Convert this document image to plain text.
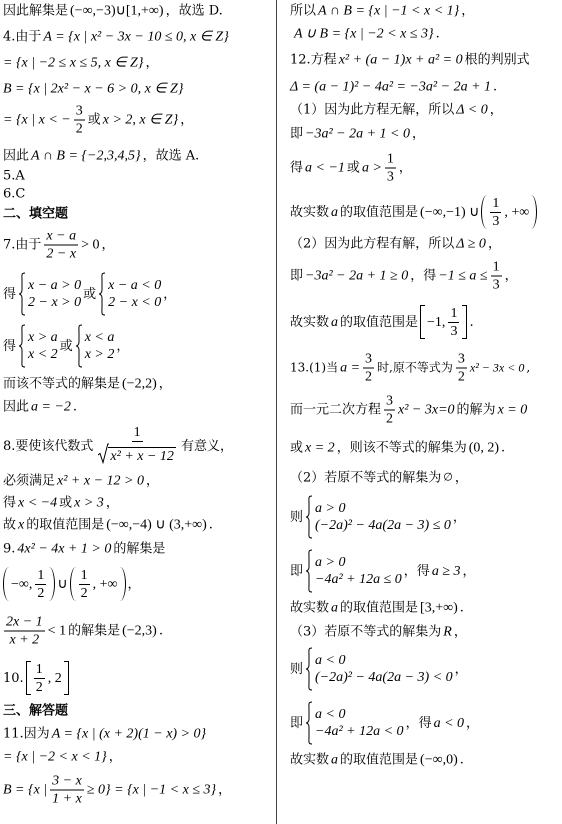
因此解集是 (−∞,−3)∪[1,+∞) ，故选 D.
4.由于 A = {x | x² − 3x − 10 ≤ 0, x ∈ Z}
= {x | −2 ≤ x ≤ 5, x ∈ Z} ，
B = {x | 2x² − x − 6 > 0, x ∈ Z}
= {x | x < − $\frac{3}{2}$ 或 x > 2, x ∈ Z} ，
因此 A ∩ B = {−2,3,4,5} ，故选 A.
5.A
6.C
二、填空题
7.由于 $\frac{x - a}{2 - x} > 0$ ，
得
x − a > 0
2 − x > 0
或
x − a < 0
2 − x < 0
，
得
x > a
x < 2
或
x < a
x > 2
，
而该不等式的解集是 (−2,2) ，
因此 a = −2 .
8.要使该代数式 $\frac{1}{\text{x² + x − 12}}$ 有意义，
必须满足 x² + x − 12 > 0 ，
得 x < −4 或 x > 3 ，
故 x 的取值范围是 (−∞,−4) ∪ (3,+∞) .
9. 4x² − 4x + 1 > 0 的解集是
−∞, $\frac{1}{2}$ ∪ $\frac{1}{2}$ , +∞ ，
$\frac{2x - 1}{x + 2} < 1$ 的解集是 (−2,3) .
10. $\frac{1}{2}$ , 2
三、解答题
11.因为 A = {x | (x + 2)(1 − x) > 0}
= {x | −2 < x < 1} ，
B = {x | $\frac{3 - x}{1 + x} \ge 0\} = \{x$ | −1 < x ≤ 3} ，
所以 A ∩ B = {x | −1 < x < 1} ，
A ∪ B = {x | −2 < x ≤ 3} .
12.方程 x² + (a − 1)x + a² = 0 根的判别式
Δ = (a − 1)² − 4a² = −3a² − 2a + 1 .
（1）因为此方程无解，所以 Δ < 0 ，
即 −3a² − 2a + 1 < 0 ，
得 a < −1 或 $a > \frac{1}{3}$ ，
故实数 a 的取值范围是 (−∞,−1) ∪ $\frac{1}{3}$ , +∞
（2）因为此方程有解，所以 Δ ≥ 0 ，
即 −3a² − 2a + 1 ≥ 0 ，得 $-1 \le a \le \frac{1}{3}$ ，
故实数 a 的取值范围是 −1, $\frac{1}{3}$ .
13.(1)当 $a = \frac{3}{2}$ 时,原不等式为 $\frac{3}{2} x^2 - 3x < 0$ ,
而一元二次方程 $\frac{3}{2} x^2 - 3x=0$ 的解为 x = 0
或 x = 2 ，则该不等式的解集为 (0, 2) .
（2）若原不等式的解集为 ∅ ，
则
a > 0
(−2a)² − 4a(2a − 3) ≤ 0
，
即
a > 0
−4a² + 12a ≤ 0
，得 a ≥ 3 ，
故实数 a 的取值范围是 [3,+∞) .
（3）若原不等式的解集为 R ，
则
a < 0
(−2a)² − 4a(2a − 3) < 0
，
即
a < 0
−4a² + 12a < 0
，得 a < 0 ，
故实数 a 的取值范围是 (−∞,0) .
